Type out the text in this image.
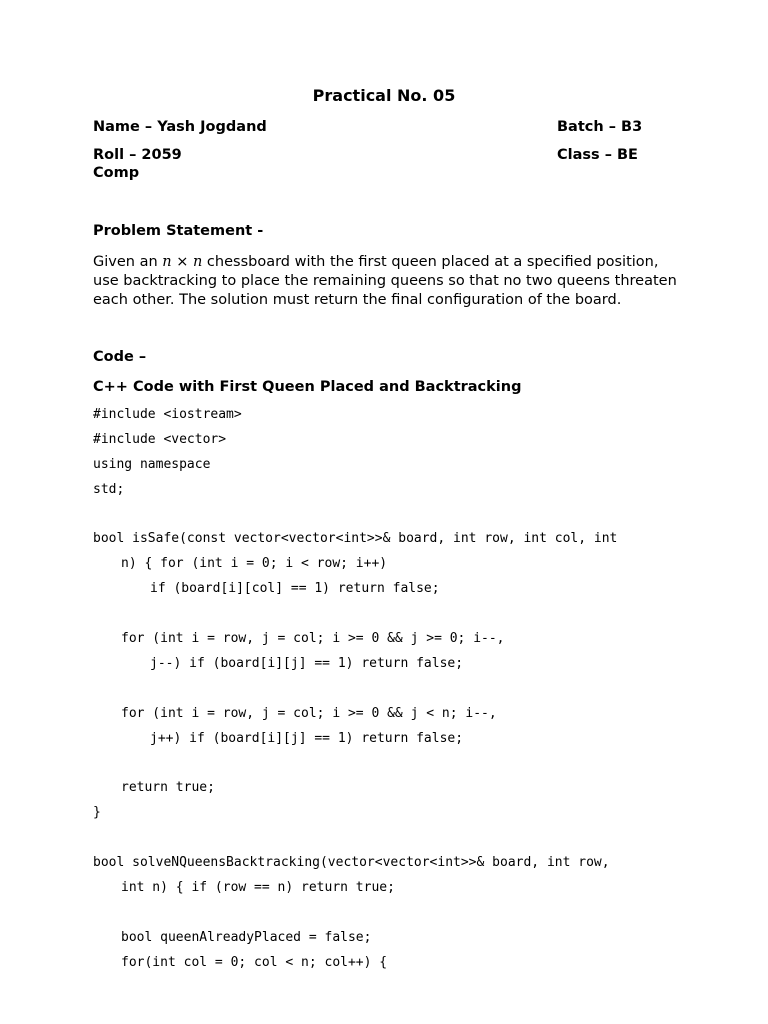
Practical No. 05
Name – Yash Jogdand	Batch – B3
Roll – 2059	Class – BE
Comp
Problem Statement -
Given an n × n chessboard with the first queen placed at a specified position, use backtracking to place the remaining queens so that no two queens threaten each other. The solution must return the final configuration of the board.
Code –
C++ Code with First Queen Placed and Backtracking
#include <iostream>
#include <vector>
using namespace
std;
bool isSafe(const vector<vector<int>>& board, int row, int col, int
n) { for (int i = 0; i < row; i++)
if (board[i][col] == 1) return false;
for (int i = row, j = col; i >= 0 && j >= 0; i--,
j--) if (board[i][j] == 1) return false;
for (int i = row, j = col; i >= 0 && j < n; i--,
j++) if (board[i][j] == 1) return false;
return true;
}
bool solveNQueensBacktracking(vector<vector<int>>& board, int row,
int n) { if (row == n) return true;
bool queenAlreadyPlaced = false;
for(int col = 0; col < n; col++) {
